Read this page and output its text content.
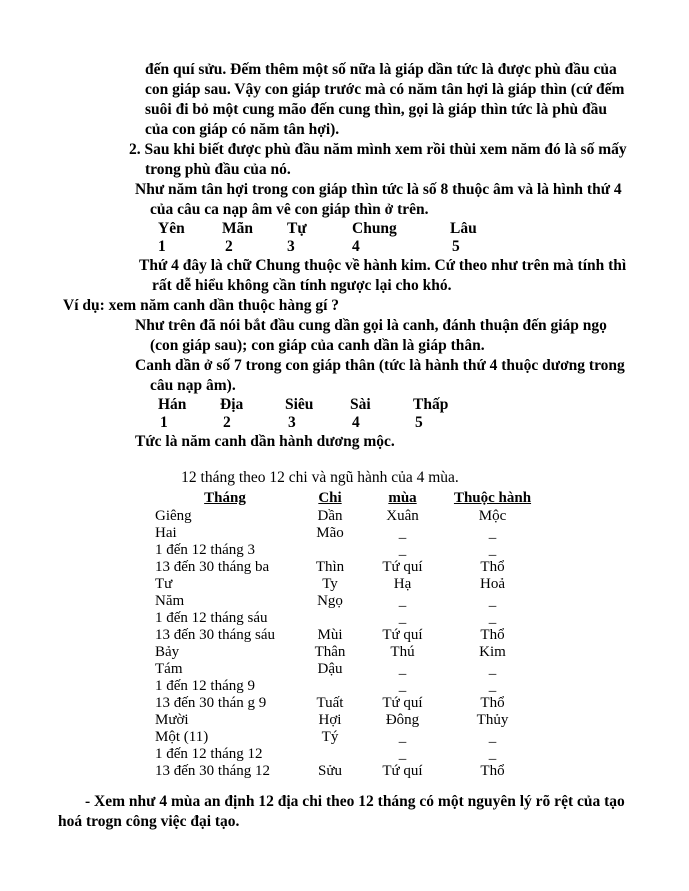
đến quí sửu. Đếm thêm một số nữa là giáp dần tức là được phù đầu của con giáp sau. Vậy con giáp trước mà có năm tân hợi là giáp thìn (cứ đếm suôi đi bỏ một cung mão đến cung thìn, gọi là giáp thìn tức là phù đầu của con giáp có năm tân hợi).

2. Sau khi biết được phù đầu năm mình xem rồi thùi xem năm đó là số mấy trong phù đầu của nó.

Như năm tân hợi trong con giáp thìn tức là số 8 thuộc âm và là hình thứ 4 của câu ca nạp âm vê con giáp thìn ở trên.

Yên Mãn Tự	Chung	Lâu
1	2	3	4	5

Thứ 4 đây là chữ Chung thuộc về hành kim. Cứ theo như trên mà tính thì rất dễ hiểu không cần tính ngược lại cho khó.

Ví dụ: xem năm canh dần thuộc hàng gí ?

Như trên đã nói bắt đầu cung dần gọi là canh, đánh thuận đến giáp ngọ (con giáp sau); con giáp của canh dần là giáp thân.

Canh dần ở số 7 trong con giáp thân (tức là hành thứ 4 thuộc dương trong câu nạp âm).

Hán Địa	Siêu Sài	Thấp
1	2	3	4	5

Tức là năm canh dần hành dương mộc.

12 tháng theo 12 chi và ngũ hành của 4 mùa.

Tháng	Chi	mùa	Thuộc hành
Giêng	Dần	Xuân	Mộc
Hai	Mão	–	–
1 đến 12 tháng 3		–	–
13 đến 30 tháng ba	Thìn	Tứ quí	Thổ
Tư	Ty	Hạ	Hoả
Năm	Ngọ	–	–
1 đến 12 tháng sáu		–	–
13 đến 30 tháng sáu	Mùi	Tứ quí	Thổ
Bảy	Thân	Thú	Kim
Tám	Dậu	–	–
1 đến 12 tháng 9		–	–
13 đến 30 thán g 9	Tuất	Tứ quí	Thổ
Mười	Hợi	Đông	Thủy
Một (11)	Tý	–	–
1 đến 12 tháng 12		–	–
13 đến 30 tháng 12	Sửu	Tứ quí	Thổ

- Xem như 4 mùa an định 12 địa chi theo 12 tháng có một nguyên lý rõ rệt của tạo hoá trogn công việc đại tạo.
